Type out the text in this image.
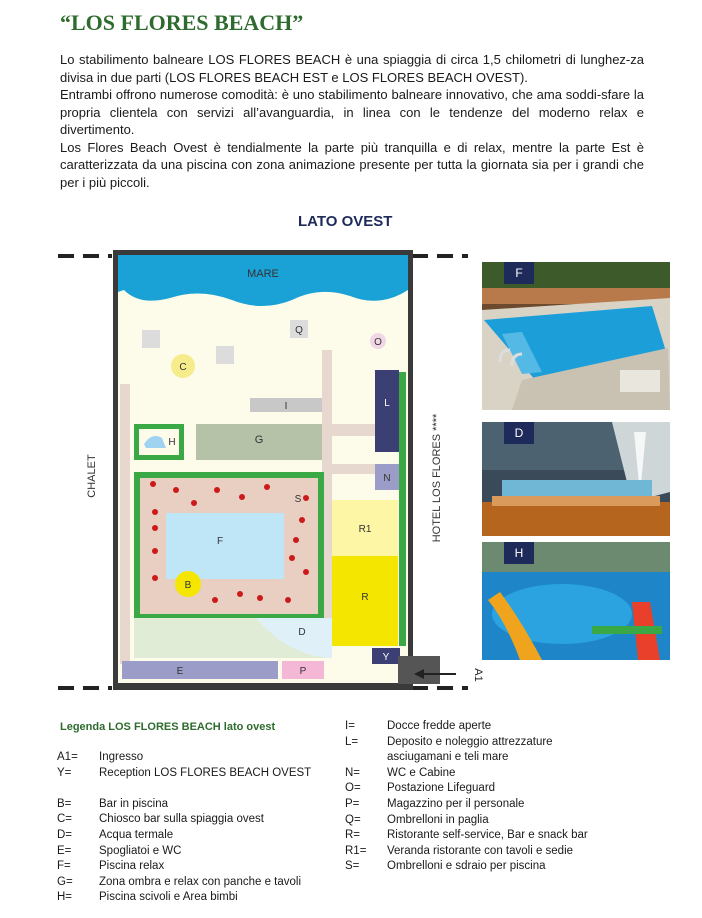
“LOS FLORES BEACH”

Lo stabilimento balneare LOS FLORES BEACH è una spiaggia di circa 1,5 chilometri di lunghez-za divisa in due parti (LOS FLORES BEACH EST e LOS FLORES BEACH OVEST).

Entrambi offrono numerose comodità: è uno stabilimento balneare innovativo, che ama soddi-sfare la propria clientela con servizi all’avanguardia, in linea con le tendenze del moderno relax e divertimento.

Los Flores Beach Ovest è tendialmente la parte più tranquilla e di relax, mentre la parte Est è caratterizzata da una piscina con zona animazione presente per tutta la giornata sia per i grandi che per i più piccoli.

LATO OVEST
MARE
Q
O
C
I	L
H	G
N
F
S
B
D
R1
R
Y
E	P	A1
CHALET	HOTEL LOS FLORES ****
F
D
H
Legenda LOS FLORES BEACH lato ovest
A1=	Ingresso
Y=	Reception LOS FLORES BEACH OVEST
B=	Bar in piscina
C=	Chiosco bar sulla spiaggia ovest
D=	Acqua termale
E=	Spogliatoi e WC
F=	Piscina relax
G=	Zona ombra e relax con panche e tavoli
H=	Piscina scivoli e Area bimbi
I=	Docce fredde aperte
L=	Deposito e noleggio attrezzature
asciugamani e teli mare
N=	WC e Cabine
O=	Postazione Lifeguard
P=	Magazzino per il personale
Q=	Ombrelloni in paglia
R=	Ristorante self-service, Bar e snack bar
R1=	Veranda ristorante con tavoli e sedie
S=	Ombrelloni e sdraio per piscina
